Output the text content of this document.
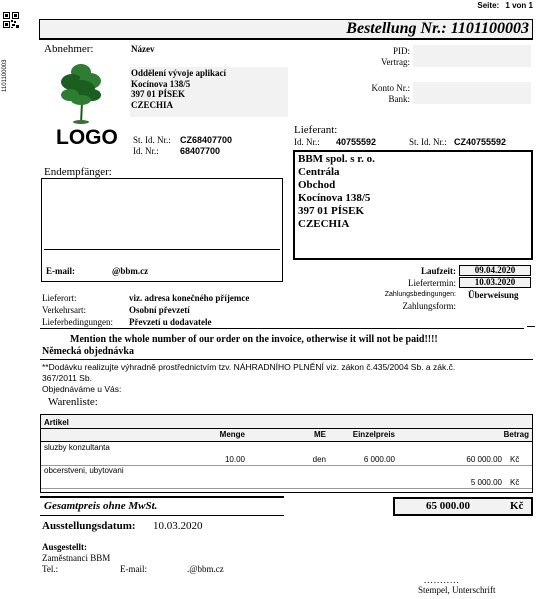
Seite: 1 von 1
1101100003
Bestellung Nr.: 1101100003
Abnehmer:	Název
Oddělení vývoje aplikací
Kocínova 138/5
397 01 PÍSEK
CZECHIA
LOGO St. Id. Nr.: CZ68407700
Id. Nr.: 68407700
PID:
Vertrag:
Konto Nr.:
Bank:
Lieferant:
Id. Nr.: 40755592	St. Id. Nr.: CZ40755592
BBM spol. s r. o.
Centrála
Obchod
Kocínova 138/5
397 01 PÍSEK
CZECHIA
Endempfänger:
E-mail:	@bbm.cz	Laufzeit:	09.04.2020
Liefertermin:	10.03.2020
Zahlungsbedingungen: Überweisung
Zahlungsform:
Lieferort:	viz. adresa konečného příjemce
Verkehrsart:	Osobní převzetí
Lieferbedingungen: Převzetí u dodavatele
Mention the whole number of our order on the invoice, otherwise it will not be paid!!!!
Německá objednávka
**Dodávku realizujte výhradně prostřednictvím tzv. NÁHRADNÍHO PLNĚNÍ viz. zákon č.435/2004 Sb. a zák.č.
367/2011 Sb.
Objednáváme u Vás:
Warenliste:
Artikel
Menge	ME	Einzelpreis	Betrag
sluzby konzultanta
10.00	den	6 000.00	60 000.00 Kč
obcerstveni, ubytovani
5 000.00 Kč
Gesamtpreis ohne MwSt.	65 000.00	Kč
Ausstellungsdatum: 10.03.2020
Ausgestellt:
Zaměstnanci BBM
Tel.:	E-mail:	.@bbm.cz
...........
Stempel, Unterschrift
